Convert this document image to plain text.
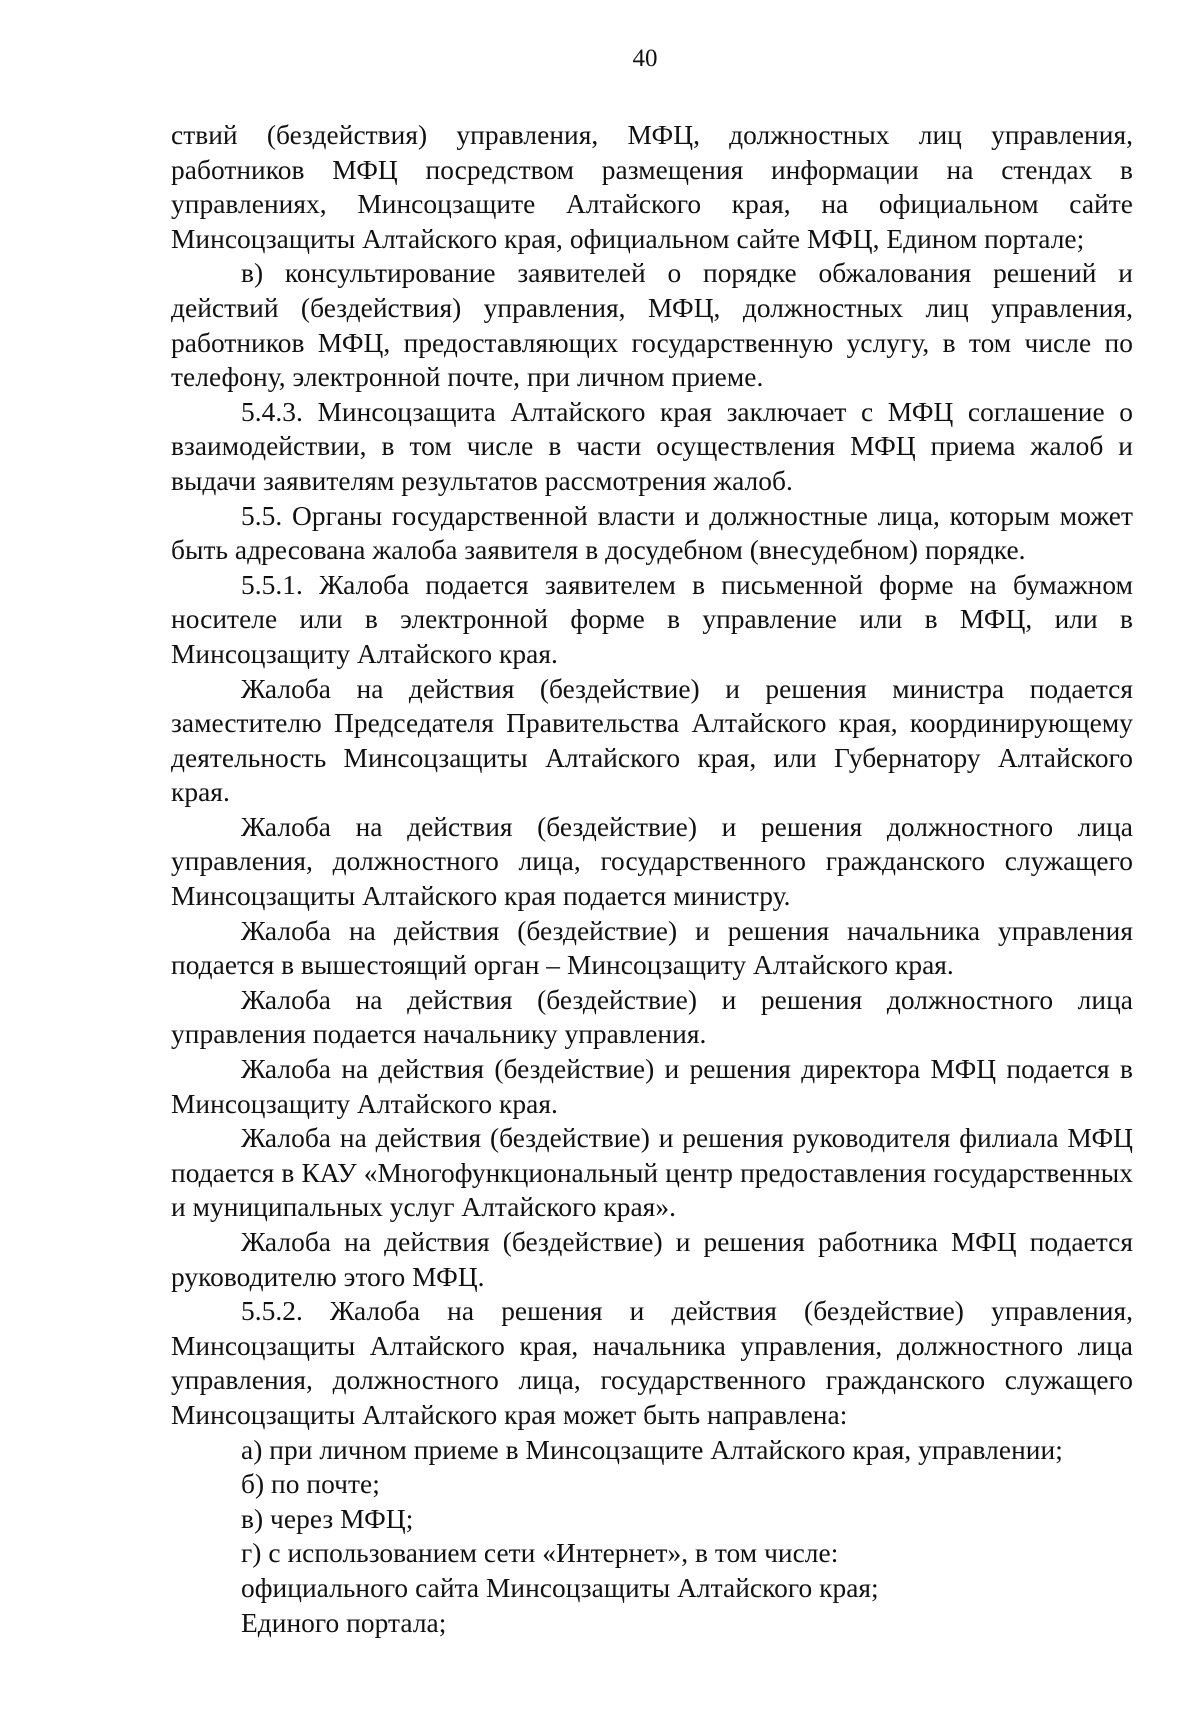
40

ствий (бездействия) управления, МФЦ, должностных лиц управления, работников МФЦ посредством размещения информации на стендах в управлениях, Минсоцзащите Алтайского края, на официальном сайте Минсоцзащиты Алтайского края, официальном сайте МФЦ, Едином портале;

в) консультирование заявителей о порядке обжалования решений и действий (бездействия) управления, МФЦ, должностных лиц управления, работников МФЦ, предоставляющих государственную услугу, в том числе по телефону, электронной почте, при личном приеме.

5.4.3. Минсоцзащита Алтайского края заключает с МФЦ соглашение о взаимодействии, в том числе в части осуществления МФЦ приема жалоб и выдачи заявителям результатов рассмотрения жалоб.

5.5. Органы государственной власти и должностные лица, которым может быть адресована жалоба заявителя в досудебном (внесудебном) порядке.

5.5.1. Жалоба подается заявителем в письменной форме на бумажном носителе или в электронной форме в управление или в МФЦ, или в Минсоцзащиту Алтайского края.

Жалоба на действия (бездействие) и решения министра подается заместителю Председателя Правительства Алтайского края, координирующему деятельность Минсоцзащиты Алтайского края, или Губернатору Алтайского края.

Жалоба на действия (бездействие) и решения должностного лица управления, должностного лица, государственного гражданского служащего Минсоцзащиты Алтайского края подается министру.

Жалоба на действия (бездействие) и решения начальника управления подается в вышестоящий орган – Минсоцзащиту Алтайского края.

Жалоба на действия (бездействие) и решения должностного лица управления подается начальнику управления.

Жалоба на действия (бездействие) и решения директора МФЦ подается в Минсоцзащиту Алтайского края.

Жалоба на действия (бездействие) и решения руководителя филиала МФЦ подается в КАУ «Многофункциональный центр предоставления государственных и муниципальных услуг Алтайского края».

Жалоба на действия (бездействие) и решения работника МФЦ подается руководителю этого МФЦ.

5.5.2. Жалоба на решения и действия (бездействие) управления, Минсоцзащиты Алтайского края, начальника управления, должностного лица управления, должностного лица, государственного гражданского служащего Минсоцзащиты Алтайского края может быть направлена:

а) при личном приеме в Минсоцзащите Алтайского края, управлении;

б) по почте;

в) через МФЦ;

г) с использованием сети «Интернет», в том числе:

официального сайта Минсоцзащиты Алтайского края;

Единого портала;
